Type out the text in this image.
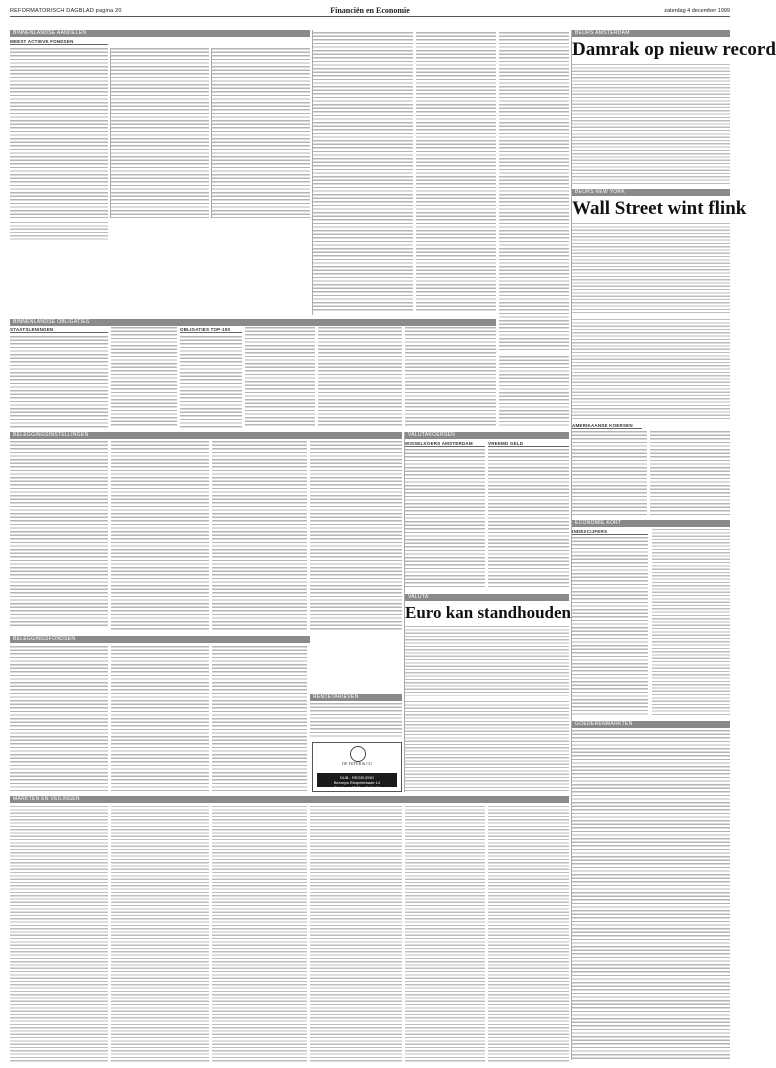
REFORMATORISCH DAGBLAD pagina 20	Financiën en Economie	zaterdag 4 december 1999
BINNENLANDSE AANDELEN
MEEST ACTIEVE FONDSEN
BEURS AMSTERDAM
Damrak op nieuw record
BEURS NEW YORK
Wall Street wint flink
BINNENLANDSE OBLIGATIES
STAATSLENINGEN	OBLIGATIES TOP-100
AMERIKAANSE KOERSEN
ECONOMIE KORT
INDEXCIJFERS
BELEGGINGSINSTELLINGEN	VALUTAKOERSEN
WISSELKOERS AMSTERDAM	VREEMD GELD
VALUTA
Euro kan standhouden
BELEGGINGSFONDSEN
RENTETARIEVEN
DE FIJTER & CO
DUB - REGELEND
Beroeps Rimpelerkade 14
Telefoon: 0180 - 41 24 93
GOEDERENMARKTEN
MARKTEN EN VEILINGEN
